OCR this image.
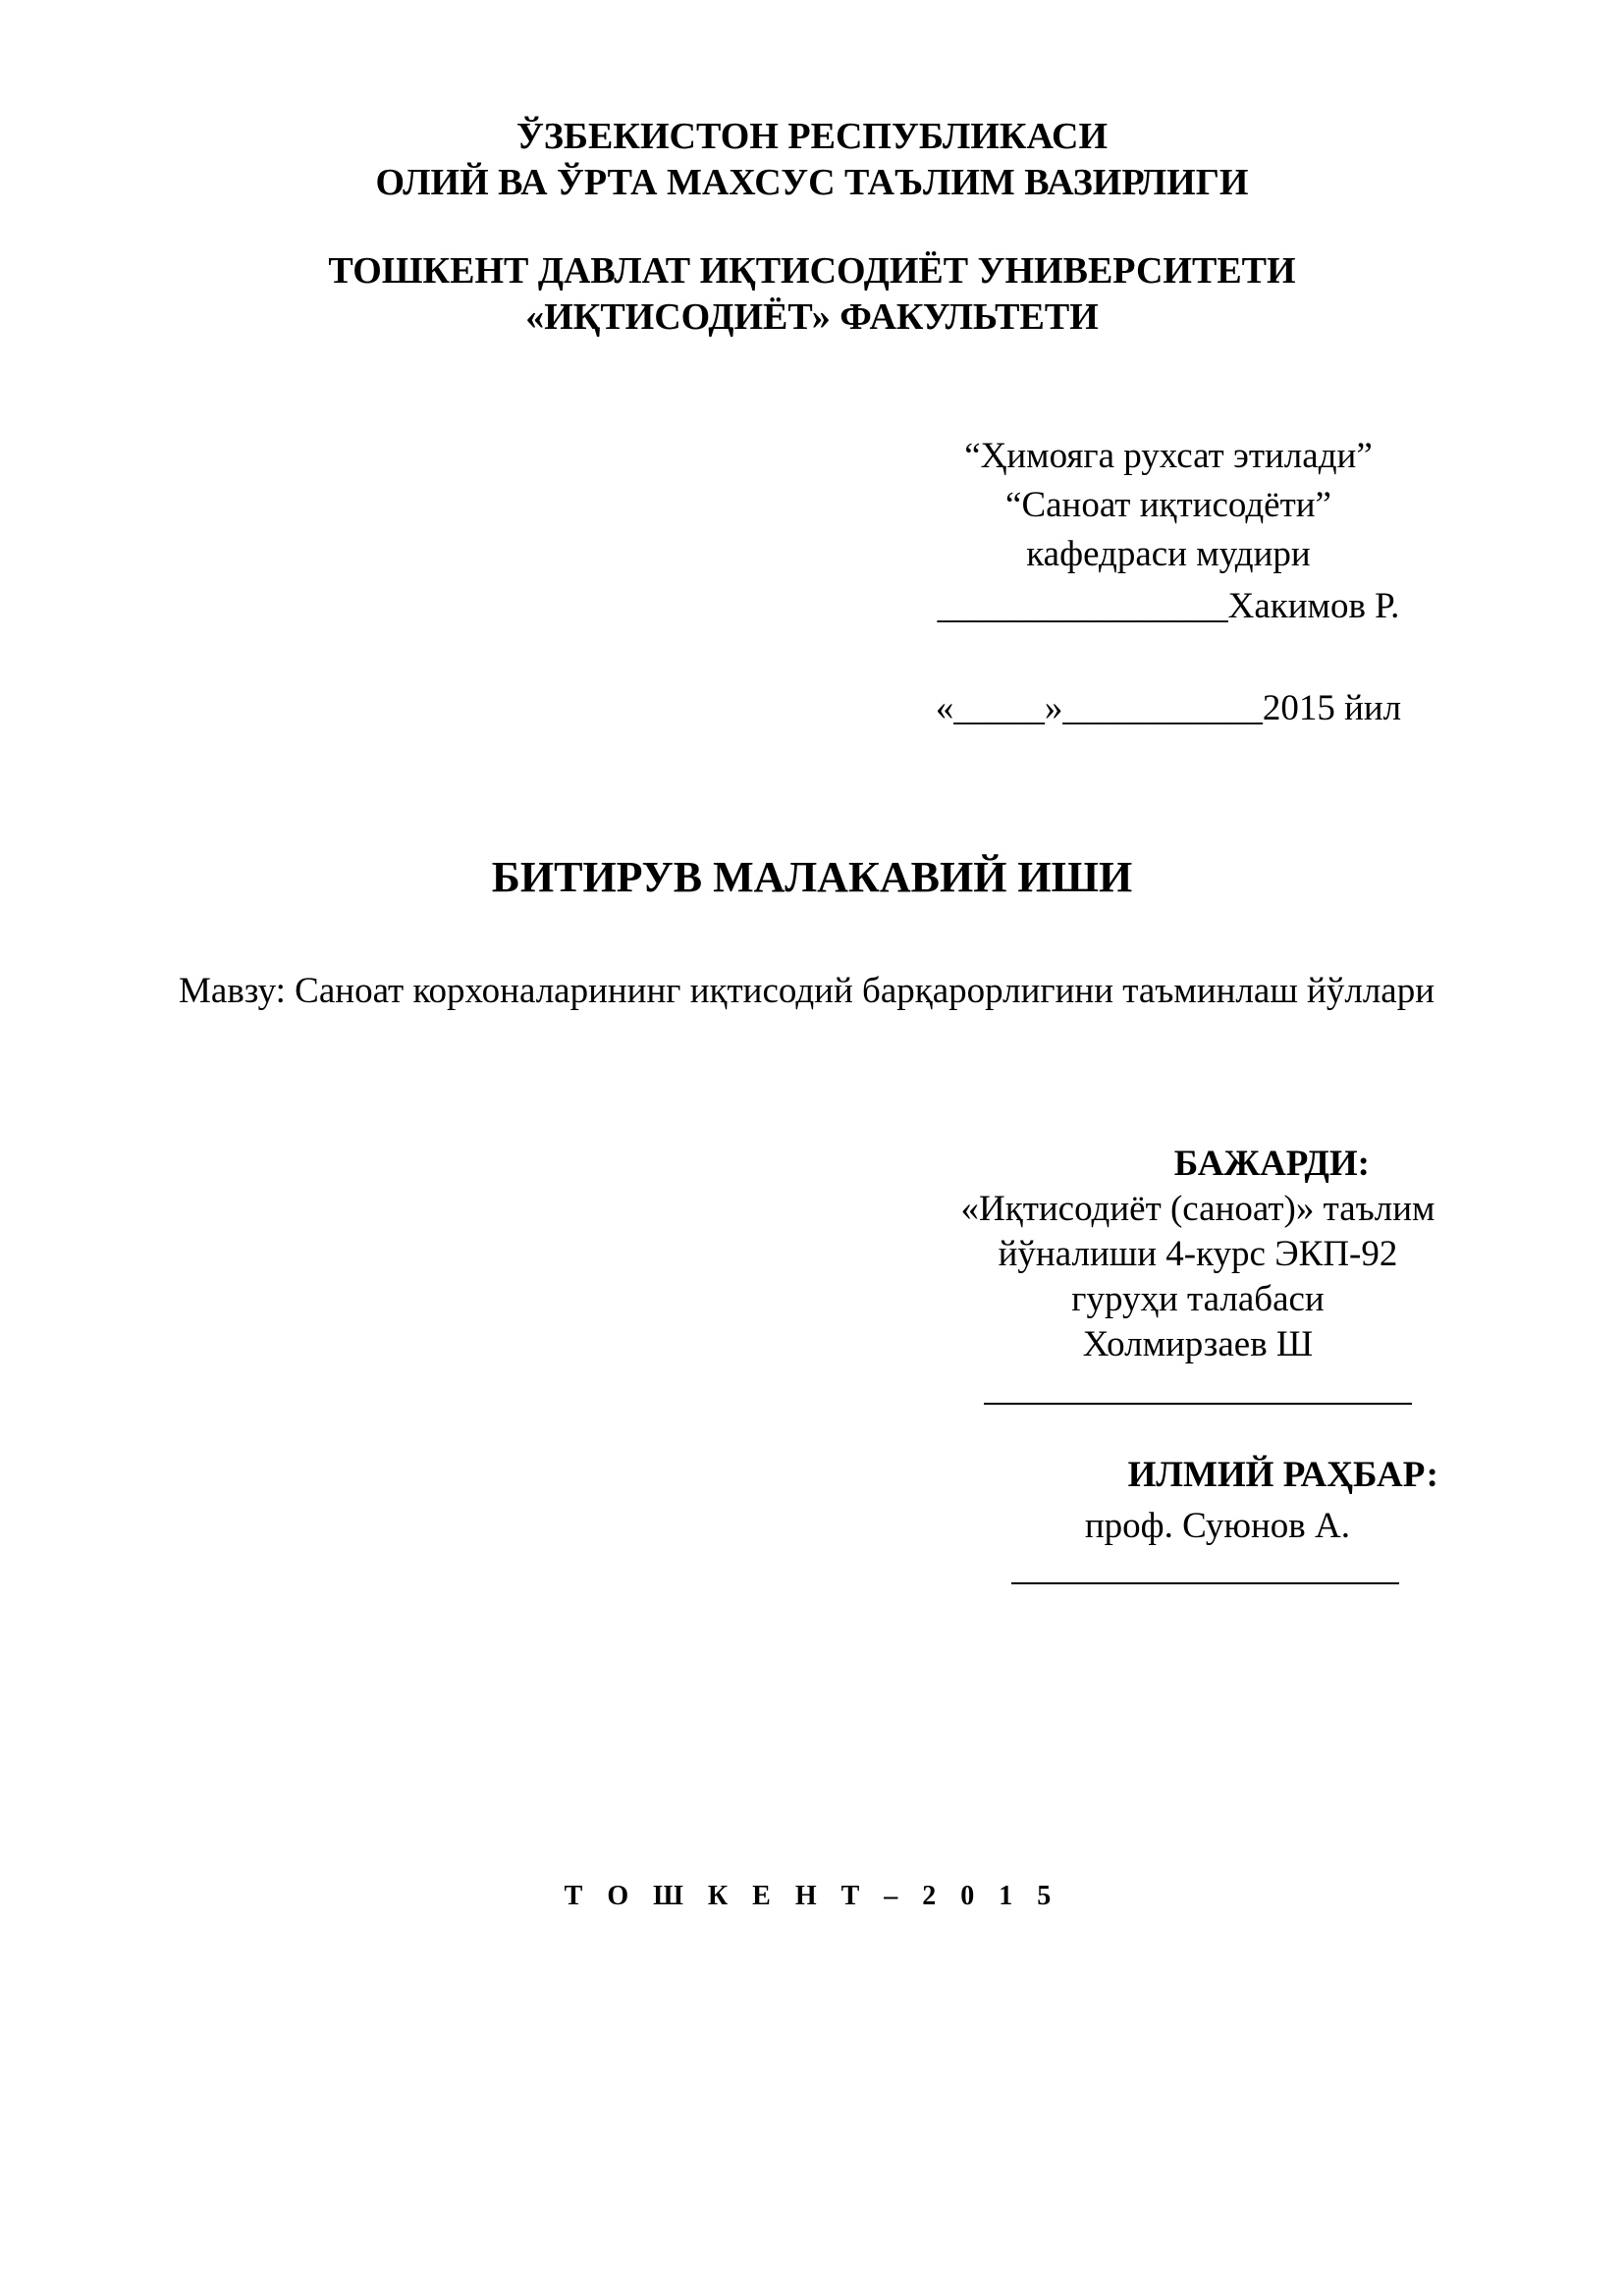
ЎЗБЕКИСТОН РЕСПУБЛИКАСИ
ОЛИЙ ВА ЎРТА МАХСУС ТАЪЛИМ ВАЗИРЛИГИ
ТОШКЕНТ ДАВЛАТ ИҚТИСОДИЁТ УНИВЕРСИТЕТИ
«ИҚТИСОДИЁТ» ФАКУЛЬТЕТИ
“Ҳимояга рухсат этилади”
“Саноат иқтисодёти”
кафедраси мудири
________________Хакимов Р.
«_____»___________2015 йил
БИТИРУВ МАЛАКАВИЙ ИШИ
Мавзу: Саноат корхоналарининг иқтисодий барқарорлигини таъминлаш йўллари
БАЖАРДИ:
«Иқтисодиёт (саноат)» таълим
йўналиши 4-курс ЭКП-92
гуруҳи талабаси
Холмирзаев Ш
ИЛМИЙ РАҲБАР:
проф. Суюнов А.
Т О Ш К Е Н Т – 2 0 1 5
